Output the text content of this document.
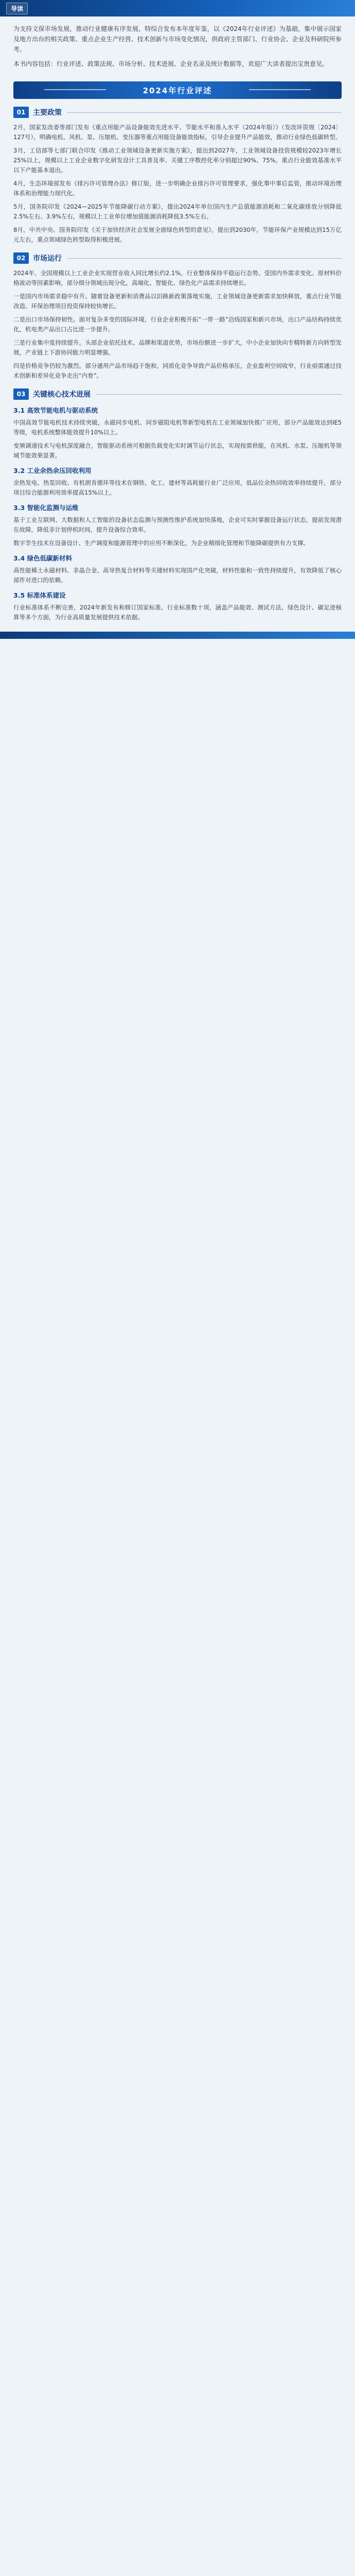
导读

为支持文保市场发展，推动行业健康有序发展，特综合发布本年度年鉴，以《2024年行业评述》为基础，集中展示国家及地方出台的相关政策、重点企业生产经营、技术创新与市场变化情况，供政府主管部门、行业协会、企业及科研院所参考。

本书内容包括：行业评述、政策法规、市场分析、技术进展、企业名录及统计数据等，欢迎广大读者提出宝贵意见。

2024年行业评述
01	主要政策

2月，国家发改委等部门发布《重点用能产品设备能效先进水平、节能水平和准入水平（2024年版）》（发改环资规〔2024〕127号），明确电机、风机、泵、压缩机、变压器等重点用能设备能效指标，引导企业提升产品能效，推动行业绿色低碳转型。

3月，工信部等七部门联合印发《推动工业领域设备更新实施方案》，提出到2027年，工业领域设备投资规模较2023年增长25%以上，规模以上工业企业数字化研发设计工具普及率、关键工序数控化率分别超过90%、75%，重点行业能效基准水平以下产能基本退出。

4月，生态环境部发布《排污许可管理办法》修订版，进一步明确企业排污许可管理要求，强化事中事后监管，推动环境治理体系和治理能力现代化。

5月，国务院印发《2024—2025年节能降碳行动方案》，提出2024年单位国内生产总值能源消耗和二氧化碳排放分别降低2.5%左右、3.9%左右，规模以上工业单位增加值能源消耗降低3.5%左右。

8月，中共中央、国务院印发《关于加快经济社会发展全面绿色转型的意见》，提出到2030年，节能环保产业规模达到15万亿元左右，重点领域绿色转型取得积极进展。

02	市场运行

2024年，全国规模以上工业企业实现营业收入同比增长约2.1%，行业整体保持平稳运行态势。受国内外需求变化、原材料价格波动等因素影响，部分细分领域出现分化，高端化、智能化、绿色化产品需求持续增长。

一是国内市场需求稳中有升。随着设备更新和消费品以旧换新政策落地实施，工业领域设备更新需求加快释放，重点行业节能改造、环保治理项目投资保持较快增长。

二是出口市场保持韧性。面对复杂多变的国际环境，行业企业积极开拓“一带一路”沿线国家和新兴市场，出口产品结构持续优化，机电类产品出口占比进一步提升。

三是行业集中度持续提升。头部企业依托技术、品牌和渠道优势，市场份额进一步扩大，中小企业加快向专精特新方向转型发展，产业链上下游协同能力明显增强。

四是价格竞争仍较为激烈。部分通用产品市场趋于饱和，同质化竞争导致产品价格承压，企业盈利空间收窄，行业亟需通过技术创新和差异化竞争走出“内卷”。

03	关键核心技术进展
3.1 高效节能电机与驱动系统

中国高效节能电机技术持续突破，永磁同步电机、同步磁阻电机等新型电机在工业领域加快推广应用，部分产品能效达到IE5等级，电机系统整体能效提升10%以上。

变频调速技术与电机深度融合，智能驱动系统可根据负载变化实时调节运行状态，实现按需供能，在风机、水泵、压缩机等领域节能效果显著。

3.2 工业余热余压回收利用

余热发电、热泵回收、有机朗肯循环等技术在钢铁、化工、建材等高耗能行业广泛应用，低品位余热回收效率持续提升，部分项目综合能源利用效率提高15%以上。

3.3 智能化监测与运维

基于工业互联网、大数据和人工智能的设备状态监测与预测性维护系统加快落地，企业可实时掌握设备运行状态，提前发现潜在故障，降低非计划停机时间，提升设备综合效率。

数字孪生技术在设备设计、生产调度和能源管理中的应用不断深化，为企业精细化管理和节能降碳提供有力支撑。

3.4 绿色低碳新材料

高性能稀土永磁材料、非晶合金、高导热复合材料等关键材料实现国产化突破，材料性能和一致性持续提升，有效降低了核心部件对进口的依赖。

3.5 标准体系建设

行业标准体系不断完善，2024年新发布和修订国家标准、行业标准数十项，涵盖产品能效、测试方法、绿色设计、碳足迹核算等多个方面，为行业高质量发展提供技术依据。
